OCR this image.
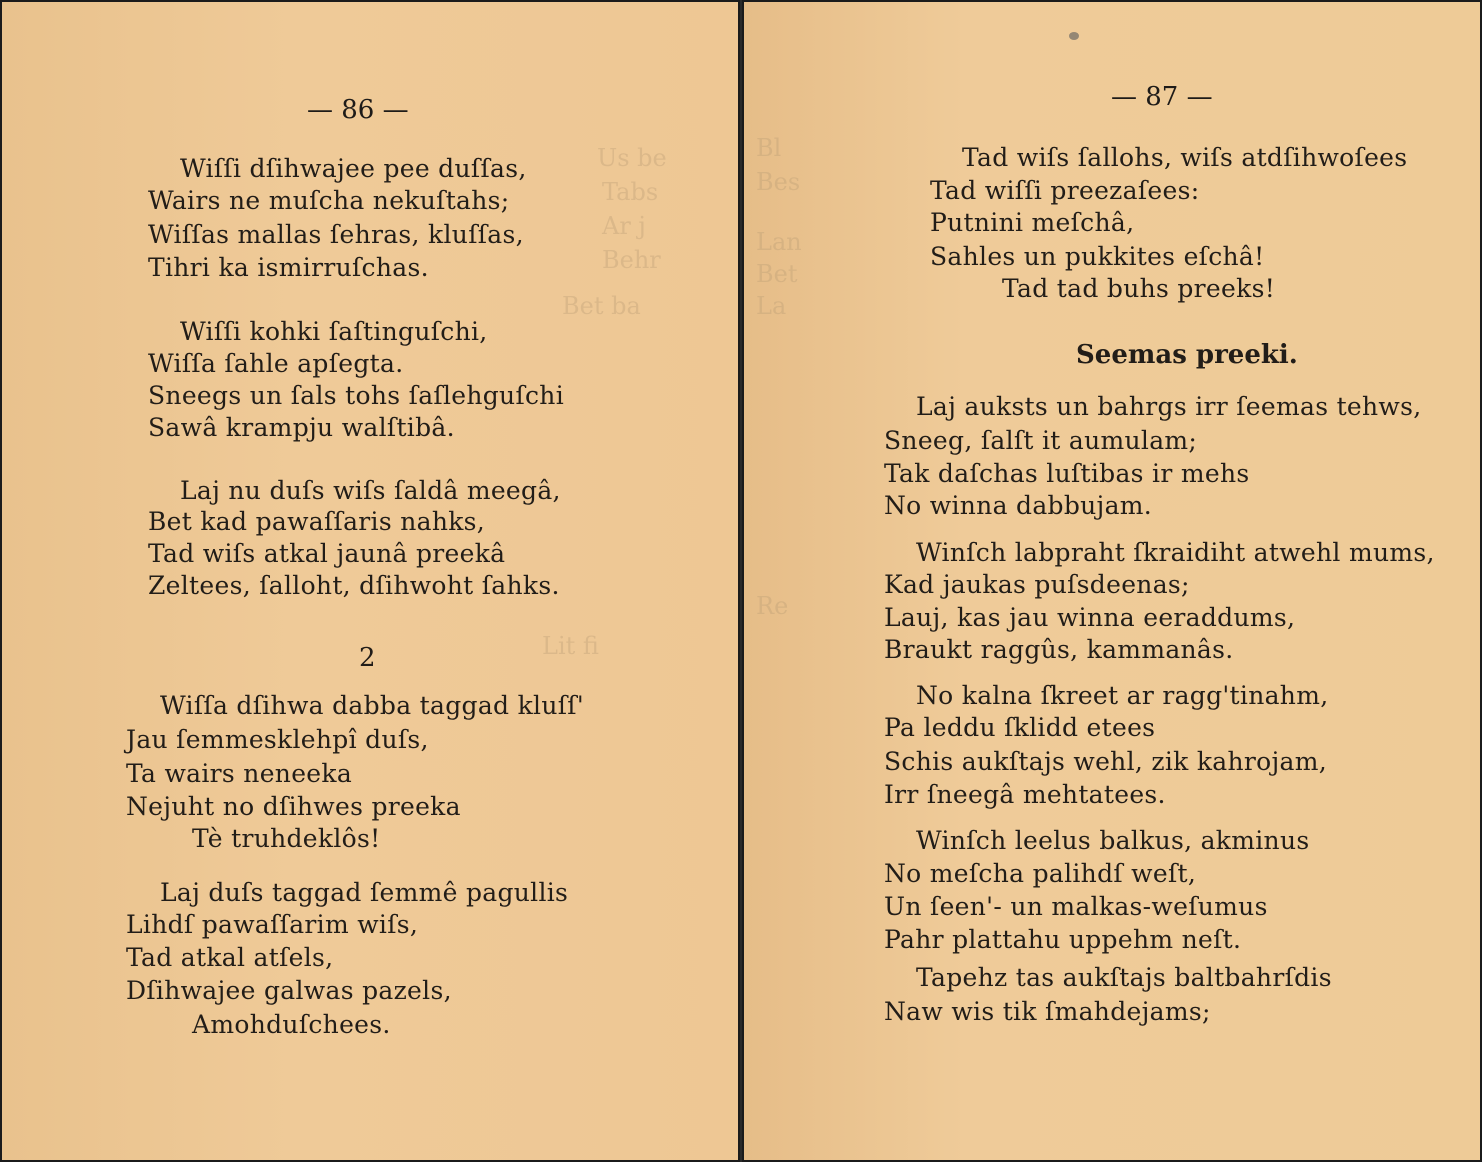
Us be
Tabs
Ar j
Behr
Bet ba
Lit fi
— 86 —
Wiſſi dſihwajee pee duſſas,
Wairs ne muſcha nekuſtahs;
Wiſſas mallas ſehras, kluſſas,
Tihri ka ismirruſchas.
Wiſſi kohki ſaſtinguſchi,
Wiſſa ſahle apſegta.
Sneegs un ſals tohs ſaſlehguſchi
Sawâ krampju walſtibâ.
Laj nu duſs wiſs ſaldâ meegâ,
Bet kad pawaſſaris nahks,
Tad wiſs atkal jaunâ preekâ
Zeltees, ſalloht, dſihwoht ſahks.
2
Wiſſa dſihwa dabba taggad kluſſ'
Jau ſemmesklehpî duſs,
Ta wairs neneeka
Nejuht no dſihwes preeka
Tè truhdeklôs!
Laj duſs taggad ſemmê pagullis
Lihdſ pawaſſarim wiſs,
Tad atkal atſels,
Dſihwajee galwas pazels,
Amohduſchees.
Bl
Bes
Lan
Bet
La
Re
— 87 —
Tad wiſs ſallohs, wiſs atdſihwoſees
Tad wiſſi preezaſees:
Putnini meſchâ,
Sahles un pukkites eſchâ!
Tad tad buhs preeks!
Seemas preeki.
Laj auksts un bahrgs irr ſeemas tehws,
Sneeg, ſalſt it aumulam;
Tak daſchas luſtibas ir mehs
No winna dabbujam.
Winſch labpraht ſkraidiht atwehl mums,
Kad jaukas puſsdeenas;
Lauj, kas jau winna eeraddums,
Braukt raggûs, kammanâs.
No kalna ſkreet ar ragg'tinahm,
Pa leddu ſklidd etees
Schis aukſtajs wehl, zik kahrojam,
Irr ſneegâ mehtatees.
Winſch leelus balkus, akminus
No meſcha palihdſ weſt,
Un ſeen'- un malkas-weſumus
Pahr plattahu uppehm neſt.
Tapehz tas aukſtajs baltbahrſdis
Naw wis tik ſmahdejams;
